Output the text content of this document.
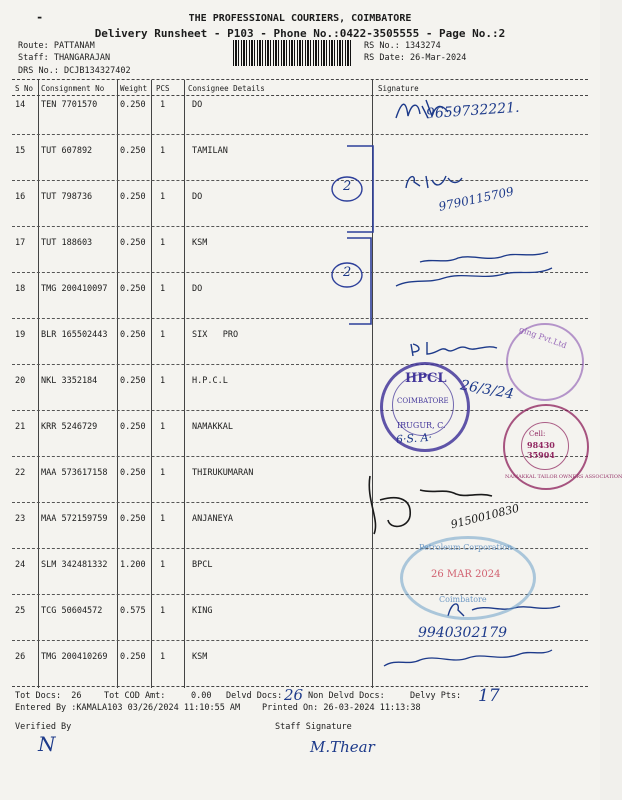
-	THE PROFESSIONAL COURIERS, COIMBATORE
Delivery Runsheet - P103 - Phone No.:0422-3505555 - Page No.:2
Route: PATTANAM
Staff: THANGARAJAN
DRS No.: DCJB134327402
RS No.: 1343274
RS Date: 26-Mar-2024
S No Consignment No Weight PCS Consignee Details	Signature
14 TEN 7701570	0.250 1	DO
15 TUT 607892	0.250 1	TAMILAN
16 TUT 798736	0.250 1	DO
17 TUT 188603	0.250 1	KSM
18 TMG 200410097 0.250 1	DO
19 BLR 165502443 0.250 1	SIX   PRO
20 NKL 3352184	0.250 1	H.P.C.L
21 KRR 5246729	0.250 1	NAMAKKAL
22 MAA 573617158 0.250 1	THIRUKUMARAN
23 MAA 572159759 0.250 1	ANJANEYA
24 SLM 342481332 1.200 1	BPCL
25 TCG 50604572 0.575 1	KING
26 TMG 200410269 0.250 1	KSM
Tot Docs:  26	Tot COD Amt:     0.00 Delvd Docs:	Non Delvd Docs:	Delvy Pts:
Entered By :KAMALA103 03/26/2024 11:10:55 AM	Printed On: 26-03-2024 11:13:38
Verified By	Staff Signature
2
2
9659732221.
9790115709
26/3/24
6·S. A·
9150010830
9940302179
26	17
N	M.Thear
ging Pvt.Ltd
HPCL
COIMBATORE
IRUGUR, C.
Cell:
98430
35904
NAMAKKAL TAILOR OWNERS ASSOCIATION
Petroleum Corporation
26 MAR 2024
Coimbatore
